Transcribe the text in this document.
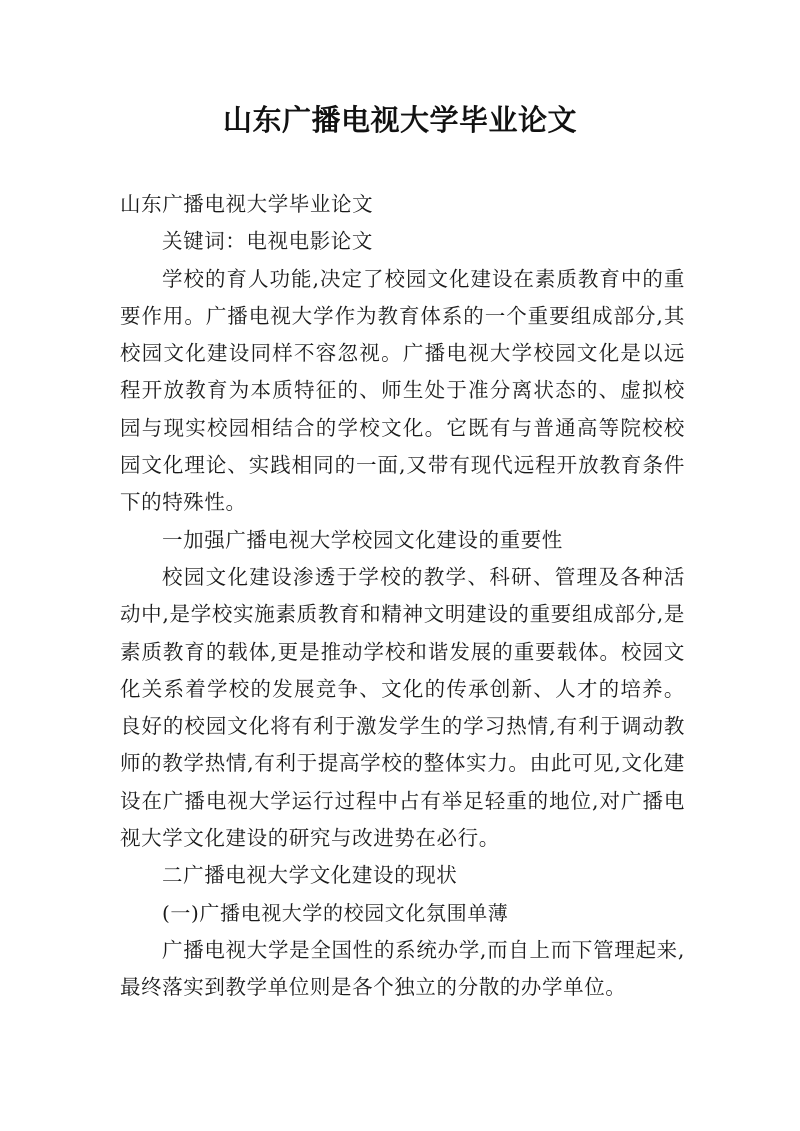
山东广播电视大学毕业论文

山东广播电视大学毕业论文

关键词：电视电影论文

学校的育人功能,决定了校园文化建设在素质教育中的重要作用。广播电视大学作为教育体系的一个重要组成部分,其校园文化建设同样不容忽视。广播电视大学校园文化是以远程开放教育为本质特征的、师生处于准分离状态的、虚拟校园与现实校园相结合的学校文化。它既有与普通高等院校校园文化理论、实践相同的一面,又带有现代远程开放教育条件下的特殊性。

一加强广播电视大学校园文化建设的重要性

校园文化建设渗透于学校的教学、科研、管理及各种活动中,是学校实施素质教育和精神文明建设的重要组成部分,是素质教育的载体,更是推动学校和谐发展的重要载体。校园文化关系着学校的发展竞争、文化的传承创新、人才的培养。良好的校园文化将有利于激发学生的学习热情,有利于调动教师的教学热情,有利于提高学校的整体实力。由此可见,文化建设在广播电视大学运行过程中占有举足轻重的地位,对广播电视大学文化建设的研究与改进势在必行。

二广播电视大学文化建设的现状

(一)广播电视大学的校园文化氛围单薄

广播电视大学是全国性的系统办学,而自上而下管理起来,最终落实到教学单位则是各个独立的分散的办学单位。
